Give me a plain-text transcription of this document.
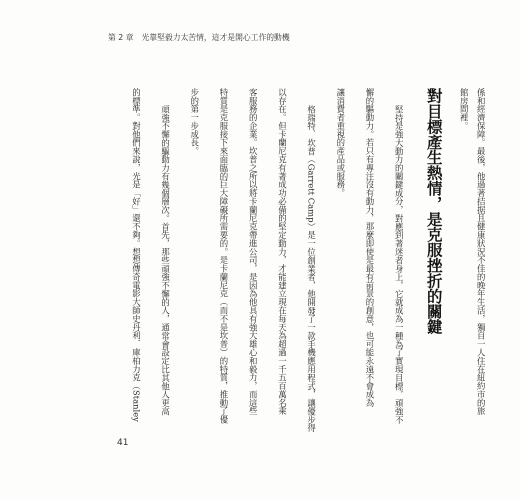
第 2 章 光靠堅毅力太苦情，這才是開心工作的動機
係和經濟保障。最後，他過著拮据且健康狀況不佳的晚年生活，獨自一人住在紐約市的旅
館房間裡。
對目標產生熱情，是克服挫折的關鍵
堅持是強大動力的關鍵成分，對應到著迷者身上，它就成為一種為了實現目標，頑強不
懈的驅動力。若只有專注沒有動力，那麼即使是最有前景的創意，也可能永遠不會成為
讓消費者重視的產品或服務。
格瑞特．坎普（Garrett Camp）是一位創業者，他開發了一款手機應用程式，讓優步得
以存在。但卡蘭尼克有著成功必備的堅定動力，才能建立現在每天為超過一千五百萬名乘
客服務的企業。坎普之所以將卡蘭尼克帶進公司，是因為他具有強大雄心和毅力，而這些
特質是克服接下來面臨的巨大障礙所需要的。是卡蘭尼克（而不是坎普）的特質，推動了優
步的第一步成長。
頑強不懈的驅動力有幾個層次。首先，那些頑強不懈的人，通常會設定比其他人更高
的標準。對他們來說，光是「好」還不夠。想想傳奇電影大師史丹利．庫柏力克（Stanley
41
